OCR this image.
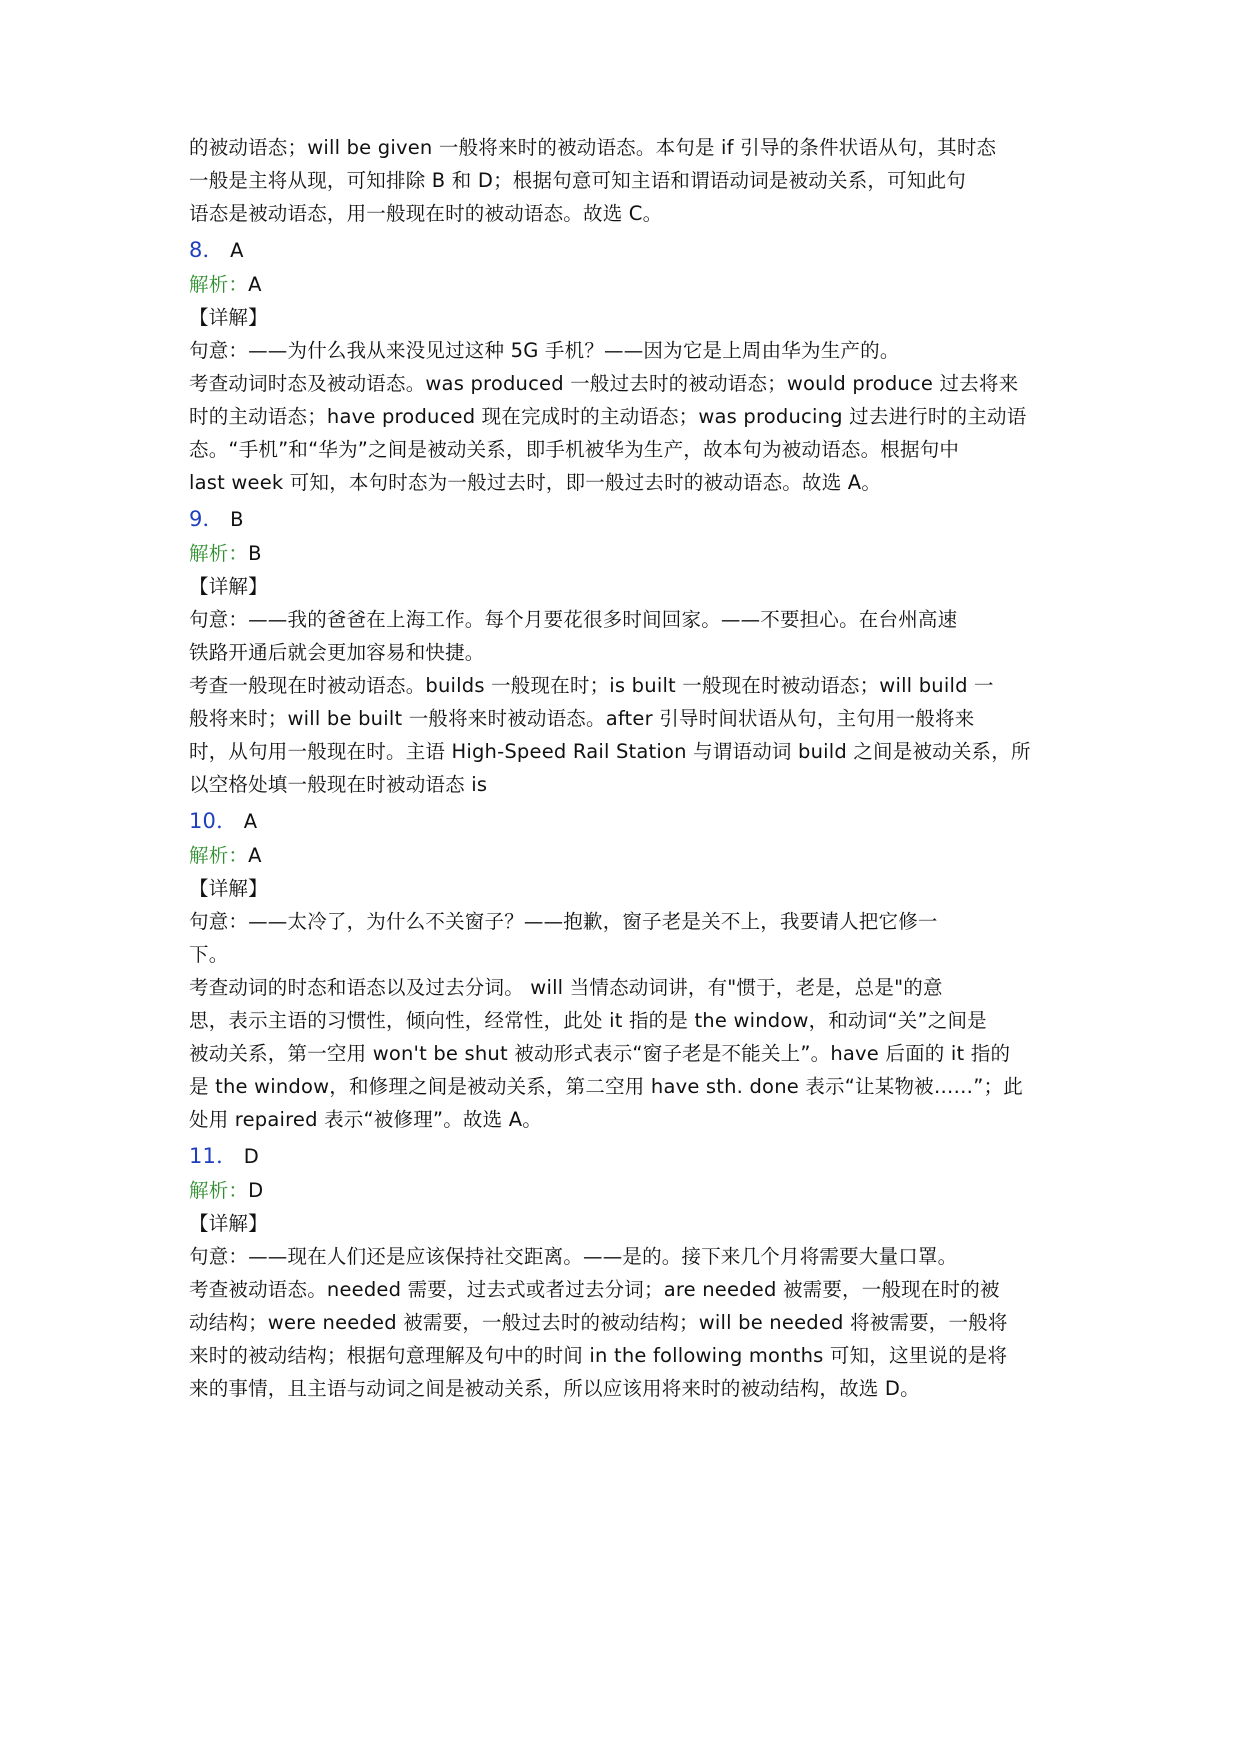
的被动语态；will be given 一般将来时的被动语态。本句是 if 引导的条件状语从句，其时态
一般是主将从现，可知排除 B 和 D；根据句意可知主语和谓语动词是被动关系，可知此句
语态是被动语态，用一般现在时的被动语态。故选 C。
8． A
解析：A
【详解】
句意：——为什么我从来没见过这种 5G 手机？——因为它是上周由华为生产的。
考查动词时态及被动语态。was produced 一般过去时的被动语态；would produce 过去将来
时的主动语态；have produced 现在完成时的主动语态；was producing 过去进行时的主动语
态。“手机”和“华为”之间是被动关系，即手机被华为生产，故本句为被动语态。根据句中
last week 可知，本句时态为一般过去时，即一般过去时的被动语态。故选 A。
9． B
解析：B
【详解】
句意：——我的爸爸在上海工作。每个月要花很多时间回家。——不要担心。在台州高速
铁路开通后就会更加容易和快捷。
考查一般现在时被动语态。builds 一般现在时；is built 一般现在时被动语态；will build 一
般将来时；will be built 一般将来时被动语态。after 引导时间状语从句，主句用一般将来
时，从句用一般现在时。主语 High-Speed Rail Station 与谓语动词 build 之间是被动关系，所
以空格处填一般现在时被动语态 is
10． A
解析：A
【详解】
句意：——太冷了，为什么不关窗子？——抱歉，窗子老是关不上，我要请人把它修一
下。
考查动词的时态和语态以及过去分词。 will 当情态动词讲，有"惯于，老是，总是"的意
思，表示主语的习惯性，倾向性，经常性，此处 it 指的是 the window，和动词“关”之间是
被动关系，第一空用 won't be shut 被动形式表示“窗子老是不能关上”。have 后面的 it 指的
是 the window，和修理之间是被动关系，第二空用 have sth. done 表示“让某物被……”；此
处用 repaired 表示“被修理”。故选 A。
11． D
解析：D
【详解】
句意：——现在人们还是应该保持社交距离。——是的。接下来几个月将需要大量口罩。
考查被动语态。needed 需要，过去式或者过去分词；are needed 被需要，一般现在时的被
动结构；were needed 被需要，一般过去时的被动结构；will be needed 将被需要，一般将
来时的被动结构；根据句意理解及句中的时间 in the following months 可知，这里说的是将
来的事情，且主语与动词之间是被动关系，所以应该用将来时的被动结构，故选 D。
